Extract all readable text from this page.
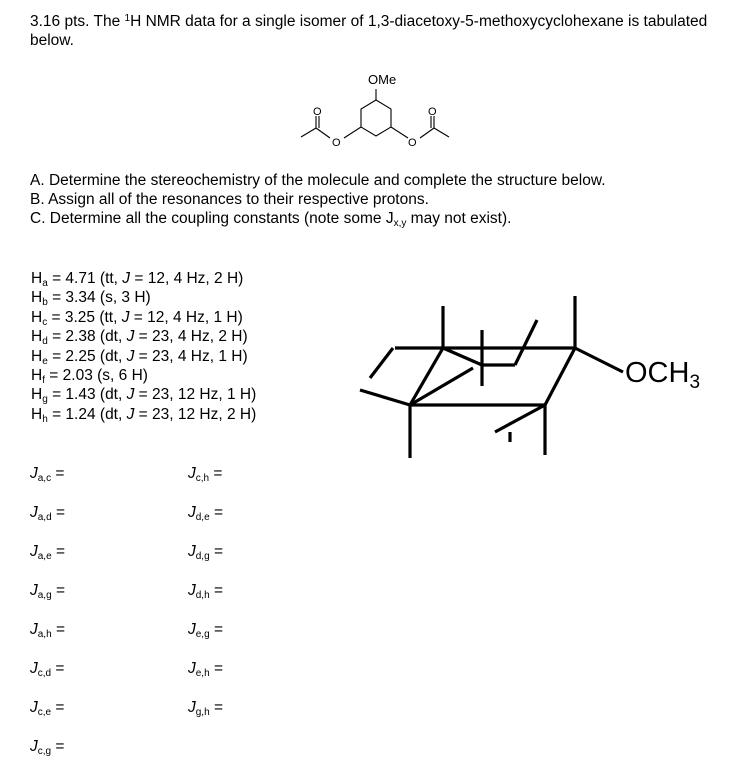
3.16 pts. The $^1$H NMR data for a single isomer of 1,3-diacetoxy-5-methoxycyclohexane is tabulated below.
OMe
O	O
O	O
A. Determine the stereochemistry of the molecule and complete the structure below.
B. Assign all of the resonances to their respective protons.
C. Determine all the coupling constants (note some $J_{x,y}$ may not exist).
$H_a = 4.71$ (tt, J = 12, 4 Hz, 2 H)
$H_b = 3.34$ (s, 3 H)
$H_c = 3.25$ (tt, J = 12, 4 Hz, 1 H)
$H_d = 2.38$ (dt, J = 23, 4 Hz, 2 H)
$H_e = 2.25$ (dt, J = 23, 4 Hz, 1 H)
$H_f = 2.03$ (s, 6 H)
$H_g = 1.43$ (dt, J = 23, 12 Hz, 1 H)
$H_h = 1.24$ (dt, J = 23, 12 Hz, 2 H)
$OCH_3$
$J_{a,c}$ =
$J_{a,d}$ =
$J_{a,e}$ =
$J_{a,g}$ =
$J_{a,h}$ =
$J_{c,d}$ =
$J_{c,e}$ =
$J_{c,g}$ =
$J_{c,h}$ =
$J_{d,e}$ =
$J_{d,g}$ =
$J_{d,h}$ =
$J_{e,g}$ =
$J_{e,h}$ =
$J_{g,h}$ =
